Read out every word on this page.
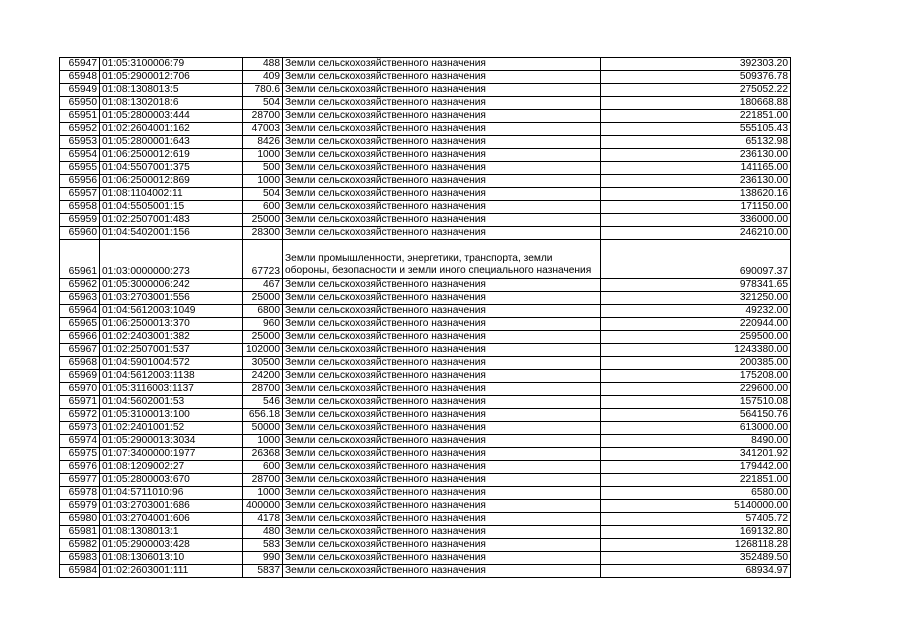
65947	01:05:3100006:79	488	Земли сельскохозяйственного назначения	392303.20
65948	01:05:2900012:706	409	Земли сельскохозяйственного назначения	509376.78
65949	01:08:1308013:5	780.6	Земли сельскохозяйственного назначения	275052.22
65950	01:08:1302018:6	504	Земли сельскохозяйственного назначения	180668.88
65951	01:05:2800003:444	28700	Земли сельскохозяйственного назначения	221851.00
65952	01:02:2604001:162	47003	Земли сельскохозяйственного назначения	555105.43
65953	01:05:2800001:643	8426	Земли сельскохозяйственного назначения	65132.98
65954	01:06:2500012:619	1000	Земли сельскохозяйственного назначения	236130.00
65955	01:04:5507001:375	500	Земли сельскохозяйственного назначения	141165.00
65956	01:06:2500012:869	1000	Земли сельскохозяйственного назначения	236130.00
65957	01:08:1104002:11	504	Земли сельскохозяйственного назначения	138620.16
65958	01:04:5505001:15	600	Земли сельскохозяйственного назначения	171150.00
65959	01:02:2507001:483	25000	Земли сельскохозяйственного назначения	336000.00
65960	01:04:5402001:156	28300	Земли сельскохозяйственного назначения	246210.00
65961	01:03:0000000:273	67723	Земли промышленности, энергетики, транспорта, земли обороны, безопасности и земли иного специального назначения	690097.37
65962	01:05:3000006:242	467	Земли сельскохозяйственного назначения	978341.65
65963	01:03:2703001:556	25000	Земли сельскохозяйственного назначения	321250.00
65964	01:04:5612003:1049	6800	Земли сельскохозяйственного назначения	49232.00
65965	01:06:2500013:370	960	Земли сельскохозяйственного назначения	220944.00
65966	01:02:2403001:382	25000	Земли сельскохозяйственного назначения	259500.00
65967	01:02:2507001:537	102000	Земли сельскохозяйственного назначения	1243380.00
65968	01:04:5901004:572	30500	Земли сельскохозяйственного назначения	200385.00
65969	01:04:5612003:1138	24200	Земли сельскохозяйственного назначения	175208.00
65970	01:05:3116003:1137	28700	Земли сельскохозяйственного назначения	229600.00
65971	01:04:5602001:53	546	Земли сельскохозяйственного назначения	157510.08
65972	01:05:3100013:100	656.18	Земли сельскохозяйственного назначения	564150.76
65973	01:02:2401001:52	50000	Земли сельскохозяйственного назначения	613000.00
65974	01:05:2900013:3034	1000	Земли сельскохозяйственного назначения	8490.00
65975	01:07:3400000:1977	26368	Земли сельскохозяйственного назначения	341201.92
65976	01:08:1209002:27	600	Земли сельскохозяйственного назначения	179442.00
65977	01:05:2800003:670	28700	Земли сельскохозяйственного назначения	221851.00
65978	01:04:5711010:96	1000	Земли сельскохозяйственного назначения	6580.00
65979	01:03:2703001:686	400000	Земли сельскохозяйственного назначения	5140000.00
65980	01:03:2704001:606	4178	Земли сельскохозяйственного назначения	57405.72
65981	01:08:1308013:1	480	Земли сельскохозяйственного назначения	169132.80
65982	01:05:2900003:428	583	Земли сельскохозяйственного назначения	1268118.28
65983	01:08:1306013:10	990	Земли сельскохозяйственного назначения	352489.50
65984	01:02:2603001:111	5837	Земли сельскохозяйственного назначения	68934.97
